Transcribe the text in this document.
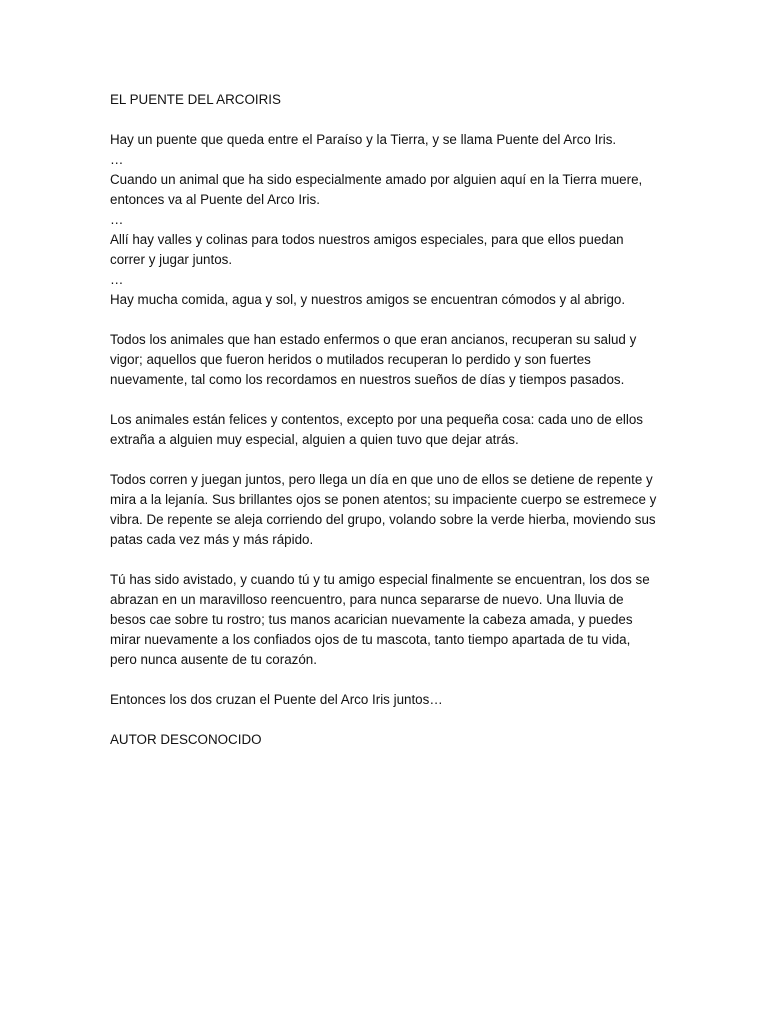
EL PUENTE DEL ARCOIRIS

Hay un puente que queda entre el Paraíso y la Tierra, y se llama Puente del Arco Iris.

…

Cuando un animal que ha sido especialmente amado por alguien aquí en la Tierra muere, entonces va al Puente del Arco Iris.

…

Allí hay valles y colinas para todos nuestros amigos especiales, para que ellos puedan correr y jugar juntos.

…

Hay mucha comida, agua y sol, y nuestros amigos se encuentran cómodos y al abrigo.

Todos los animales que han estado enfermos o que eran ancianos, recuperan su salud y vigor; aquellos que fueron heridos o mutilados recuperan lo perdido y son fuertes nuevamente, tal como los recordamos en nuestros sueños de días y tiempos pasados.

Los animales están felices y contentos, excepto por una pequeña cosa: cada uno de ellos extraña a alguien muy especial, alguien a quien tuvo que dejar atrás.

Todos corren y juegan juntos, pero llega un día en que uno de ellos se detiene de repente y mira a la lejanía. Sus brillantes ojos se ponen atentos; su impaciente cuerpo se estremece y vibra. De repente se aleja corriendo del grupo, volando sobre la verde hierba, moviendo sus patas cada vez más y más rápido.

Tú has sido avistado, y cuando tú y tu amigo especial finalmente se encuentran, los dos se abrazan en un maravilloso reencuentro, para nunca separarse de nuevo. Una lluvia de besos cae sobre tu rostro; tus manos acarician nuevamente la cabeza amada, y puedes mirar nuevamente a los confiados ojos de tu mascota, tanto tiempo apartada de tu vida, pero nunca ausente de tu corazón.

Entonces los dos cruzan el Puente del Arco Iris juntos…

AUTOR DESCONOCIDO
